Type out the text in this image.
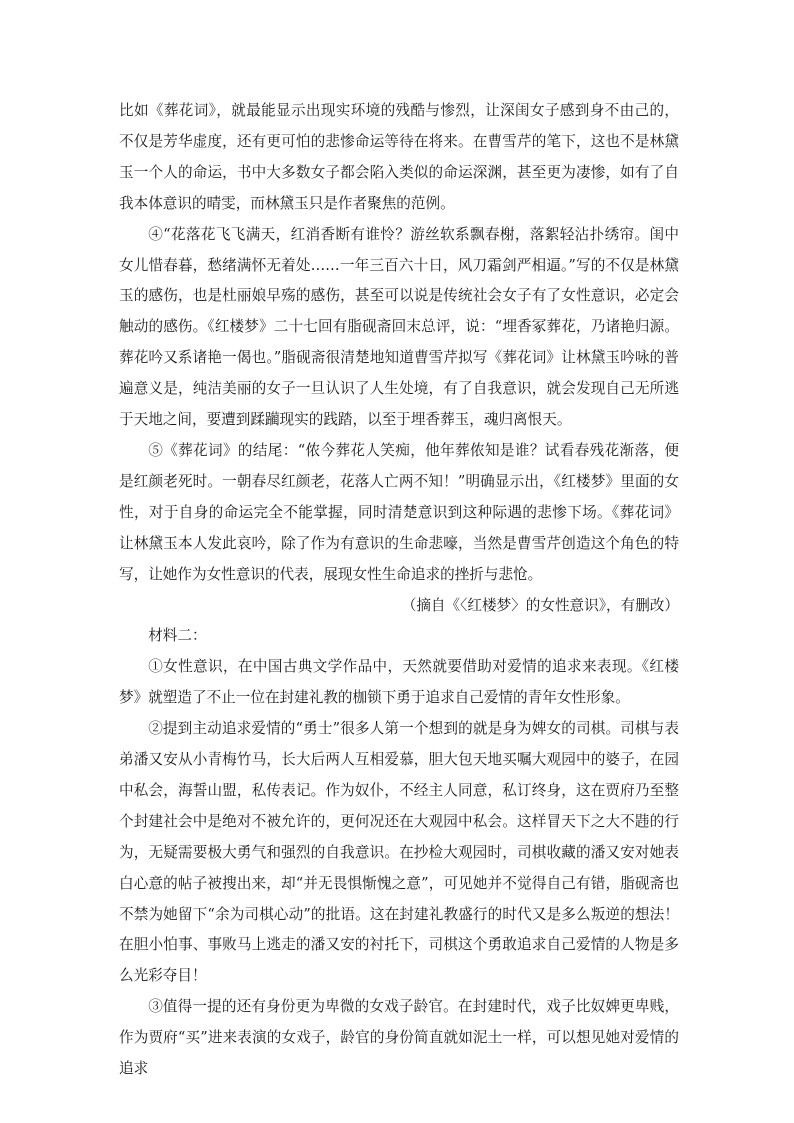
比如《葬花词》，就最能显示出现实环境的残酷与惨烈，让深闺女子感到身不由己的，不仅是芳华虚度，还有更可怕的悲惨命运等待在将来。在曹雪芹的笔下，这也不是林黛玉一个人的命运，书中大多数女子都会陷入类似的命运深渊，甚至更为凄惨，如有了自我本体意识的晴雯，而林黛玉只是作者聚焦的范例。

④“花落花飞飞满天，红消香断有谁怜？游丝软系飘春榭，落絮轻沾扑绣帘。闺中女儿惜春暮，愁绪满怀无着处……一年三百六十日，风刀霜剑严相逼。”写的不仅是林黛玉的感伤，也是杜丽娘早殇的感伤，甚至可以说是传统社会女子有了女性意识，必定会触动的感伤。《红楼梦》二十七回有脂砚斋回末总评，说：“埋香冢葬花，乃诸艳归源。葬花吟又系诸艳一偈也。”脂砚斋很清楚地知道曹雪芹拟写《葬花词》让林黛玉吟咏的普遍意义是，纯洁美丽的女子一旦认识了人生处境，有了自我意识，就会发现自己无所逃于天地之间，要遭到蹂躏现实的践踏，以至于埋香葬玉，魂归离恨天。

⑤《葬花词》的结尾：“侬今葬花人笑痴，他年葬侬知是谁？试看春残花渐落，便是红颜老死时。一朝春尽红颜老，花落人亡两不知！”明确显示出，《红楼梦》里面的女性，对于自身的命运完全不能掌握，同时清楚意识到这种际遇的悲惨下场。《葬花词》让林黛玉本人发此哀吟，除了作为有意识的生命悲嚎，当然是曹雪芹创造这个角色的特写，让她作为女性意识的代表，展现女性生命追求的挫折与悲怆。

（摘自《〈红楼梦〉的女性意识》，有删改）

材料二：

①女性意识，在中国古典文学作品中，天然就要借助对爱情的追求来表现。《红楼梦》就塑造了不止一位在封建礼教的枷锁下勇于追求自己爱情的青年女性形象。

②提到主动追求爱情的“勇士”很多人第一个想到的就是身为婢女的司棋。司棋与表弟潘又安从小青梅竹马，长大后两人互相爱慕，胆大包天地买嘱大观园中的婆子，在园中私会，海誓山盟，私传表记。作为奴仆，不经主人同意，私订终身，这在贾府乃至整个封建社会中是绝对不被允许的，更何况还在大观园中私会。这样冒天下之大不韪的行为，无疑需要极大勇气和强烈的自我意识。在抄检大观园时，司棋收藏的潘又安对她表白心意的帖子被搜出来，却“并无畏惧惭愧之意”，可见她并不觉得自己有错，脂砚斋也不禁为她留下“余为司棋心动”的批语。这在封建礼教盛行的时代又是多么叛逆的想法！在胆小怕事、事败马上逃走的潘又安的衬托下，司棋这个勇敢追求自己爱情的人物是多么光彩夺目！

③值得一提的还有身份更为卑微的女戏子龄官。在封建时代，戏子比奴婢更卑贱，作为贾府“买”进来表演的女戏子，龄官的身份简直就如泥土一样，可以想见她对爱情的追求
